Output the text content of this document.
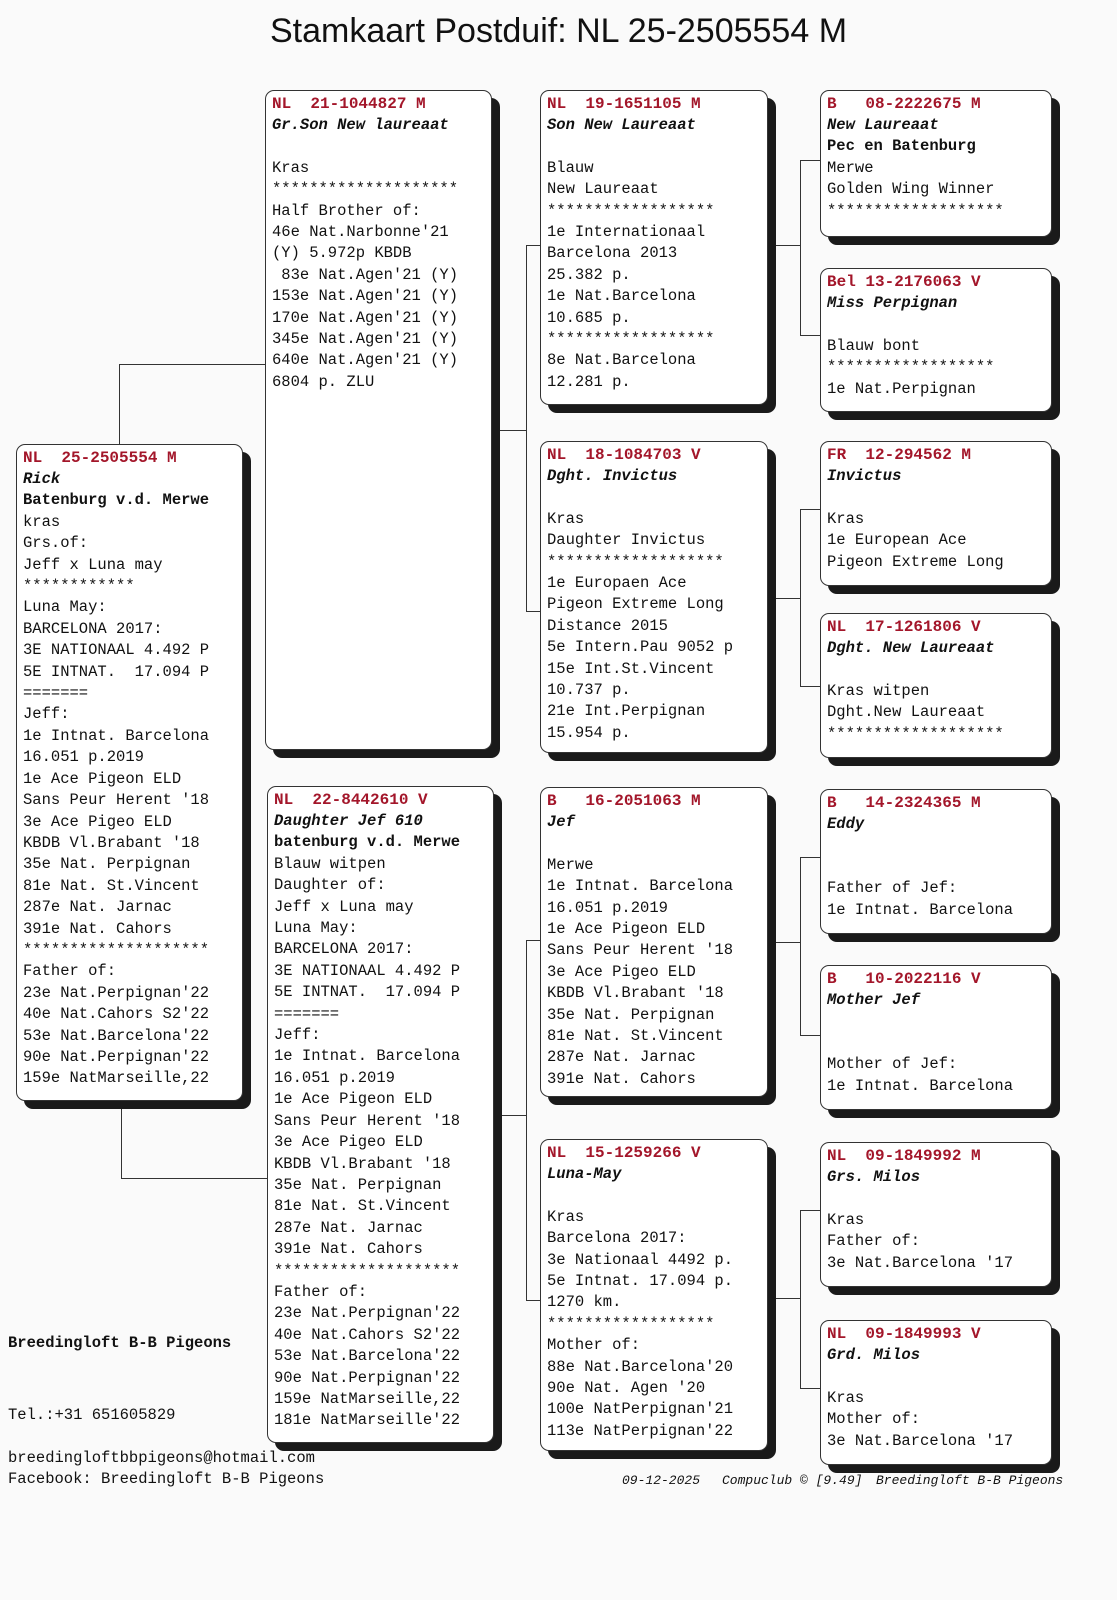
Stamkaart Postduif: NL 25-2505554 M
NL  25-2505554 M
Rick
Batenburg v.d. Merwe
kras
Grs.of:
Jeff x Luna may
************
Luna May:
BARCELONA 2017:
3E NATIONAAL 4.492 P
5E INTNAT.  17.094 P
=======
Jeff:
1e Intnat. Barcelona
16.051 p.2019
1e Ace Pigeon ELD
Sans Peur Herent '18
3e Ace Pigeo ELD
KBDB Vl.Brabant '18
35e Nat. Perpignan
81e Nat. St.Vincent
287e Nat. Jarnac
391e Nat. Cahors
********************
Father of:
23e Nat.Perpignan'22
40e Nat.Cahors S2'22
53e Nat.Barcelona'22
90e Nat.Perpignan'22
159e NatMarseille,22
NL  21-1044827 M
Gr.Son New laureaat
Kras
********************
Half Brother of:
46e Nat.Narbonne'21
(Y) 5.972p KBDB
83e Nat.Agen'21 (Y)
153e Nat.Agen'21 (Y)
170e Nat.Agen'21 (Y)
345e Nat.Agen'21 (Y)
640e Nat.Agen'21 (Y)
6804 p. ZLU
NL  22-8442610 V
Daughter Jef 610
batenburg v.d. Merwe
Blauw witpen
Daughter of:
Jeff x Luna may
Luna May:
BARCELONA 2017:
3E NATIONAAL 4.492 P
5E INTNAT.  17.094 P
=======
Jeff:
1e Intnat. Barcelona
16.051 p.2019
1e Ace Pigeon ELD
Sans Peur Herent '18
3e Ace Pigeo ELD
KBDB Vl.Brabant '18
35e Nat. Perpignan
81e Nat. St.Vincent
287e Nat. Jarnac
391e Nat. Cahors
********************
Father of:
23e Nat.Perpignan'22
40e Nat.Cahors S2'22
53e Nat.Barcelona'22
90e Nat.Perpignan'22
159e NatMarseille,22
181e NatMarseille'22
NL  19-1651105 M
Son New Laureaat
Blauw
New Laureaat
******************
1e Internationaal
Barcelona 2013
25.382 p.
1e Nat.Barcelona
10.685 p.
******************
8e Nat.Barcelona
12.281 p.
NL  18-1084703 V
Dght. Invictus
Kras
Daughter Invictus
*******************
1e Europaen Ace
Pigeon Extreme Long
Distance 2015
5e Intern.Pau 9052 p
15e Int.St.Vincent
10.737 p.
21e Int.Perpignan
15.954 p.
B   16-2051063 M
Jef
Merwe
1e Intnat. Barcelona
16.051 p.2019
1e Ace Pigeon ELD
Sans Peur Herent '18
3e Ace Pigeo ELD
KBDB Vl.Brabant '18
35e Nat. Perpignan
81e Nat. St.Vincent
287e Nat. Jarnac
391e Nat. Cahors
NL  15-1259266 V
Luna-May
Kras
Barcelona 2017:
3e Nationaal 4492 p.
5e Intnat. 17.094 p.
1270 km.
******************
Mother of:
88e Nat.Barcelona'20
90e Nat. Agen '20
100e NatPerpignan'21
113e NatPerpignan'22
B   08-2222675 M
New Laureaat
Pec en Batenburg
Merwe
Golden Wing Winner
*******************
Bel 13-2176063 V
Miss Perpignan
Blauw bont
******************
1e Nat.Perpignan
FR  12-294562 M
Invictus
Kras
1e European Ace
Pigeon Extreme Long
NL  17-1261806 V
Dght. New Laureaat
Kras witpen
Dght.New Laureaat
*******************
B   14-2324365 M
Eddy
Father of Jef:
1e Intnat. Barcelona
B   10-2022116 V
Mother Jef
Mother of Jef:
1e Intnat. Barcelona
NL  09-1849992 M
Grs. Milos
Kras
Father of:
3e Nat.Barcelona '17
NL  09-1849993 V
Grd. Milos
Kras
Mother of:
3e Nat.Barcelona '17
Breedingloft B-B Pigeons
Tel.:+31 651605829
breedingloftbbpigeons@hotmail.com
Facebook: Breedingloft B-B Pigeons	09-12-2025 Compuclub © [9.49] Breedingloft B-B Pigeons
